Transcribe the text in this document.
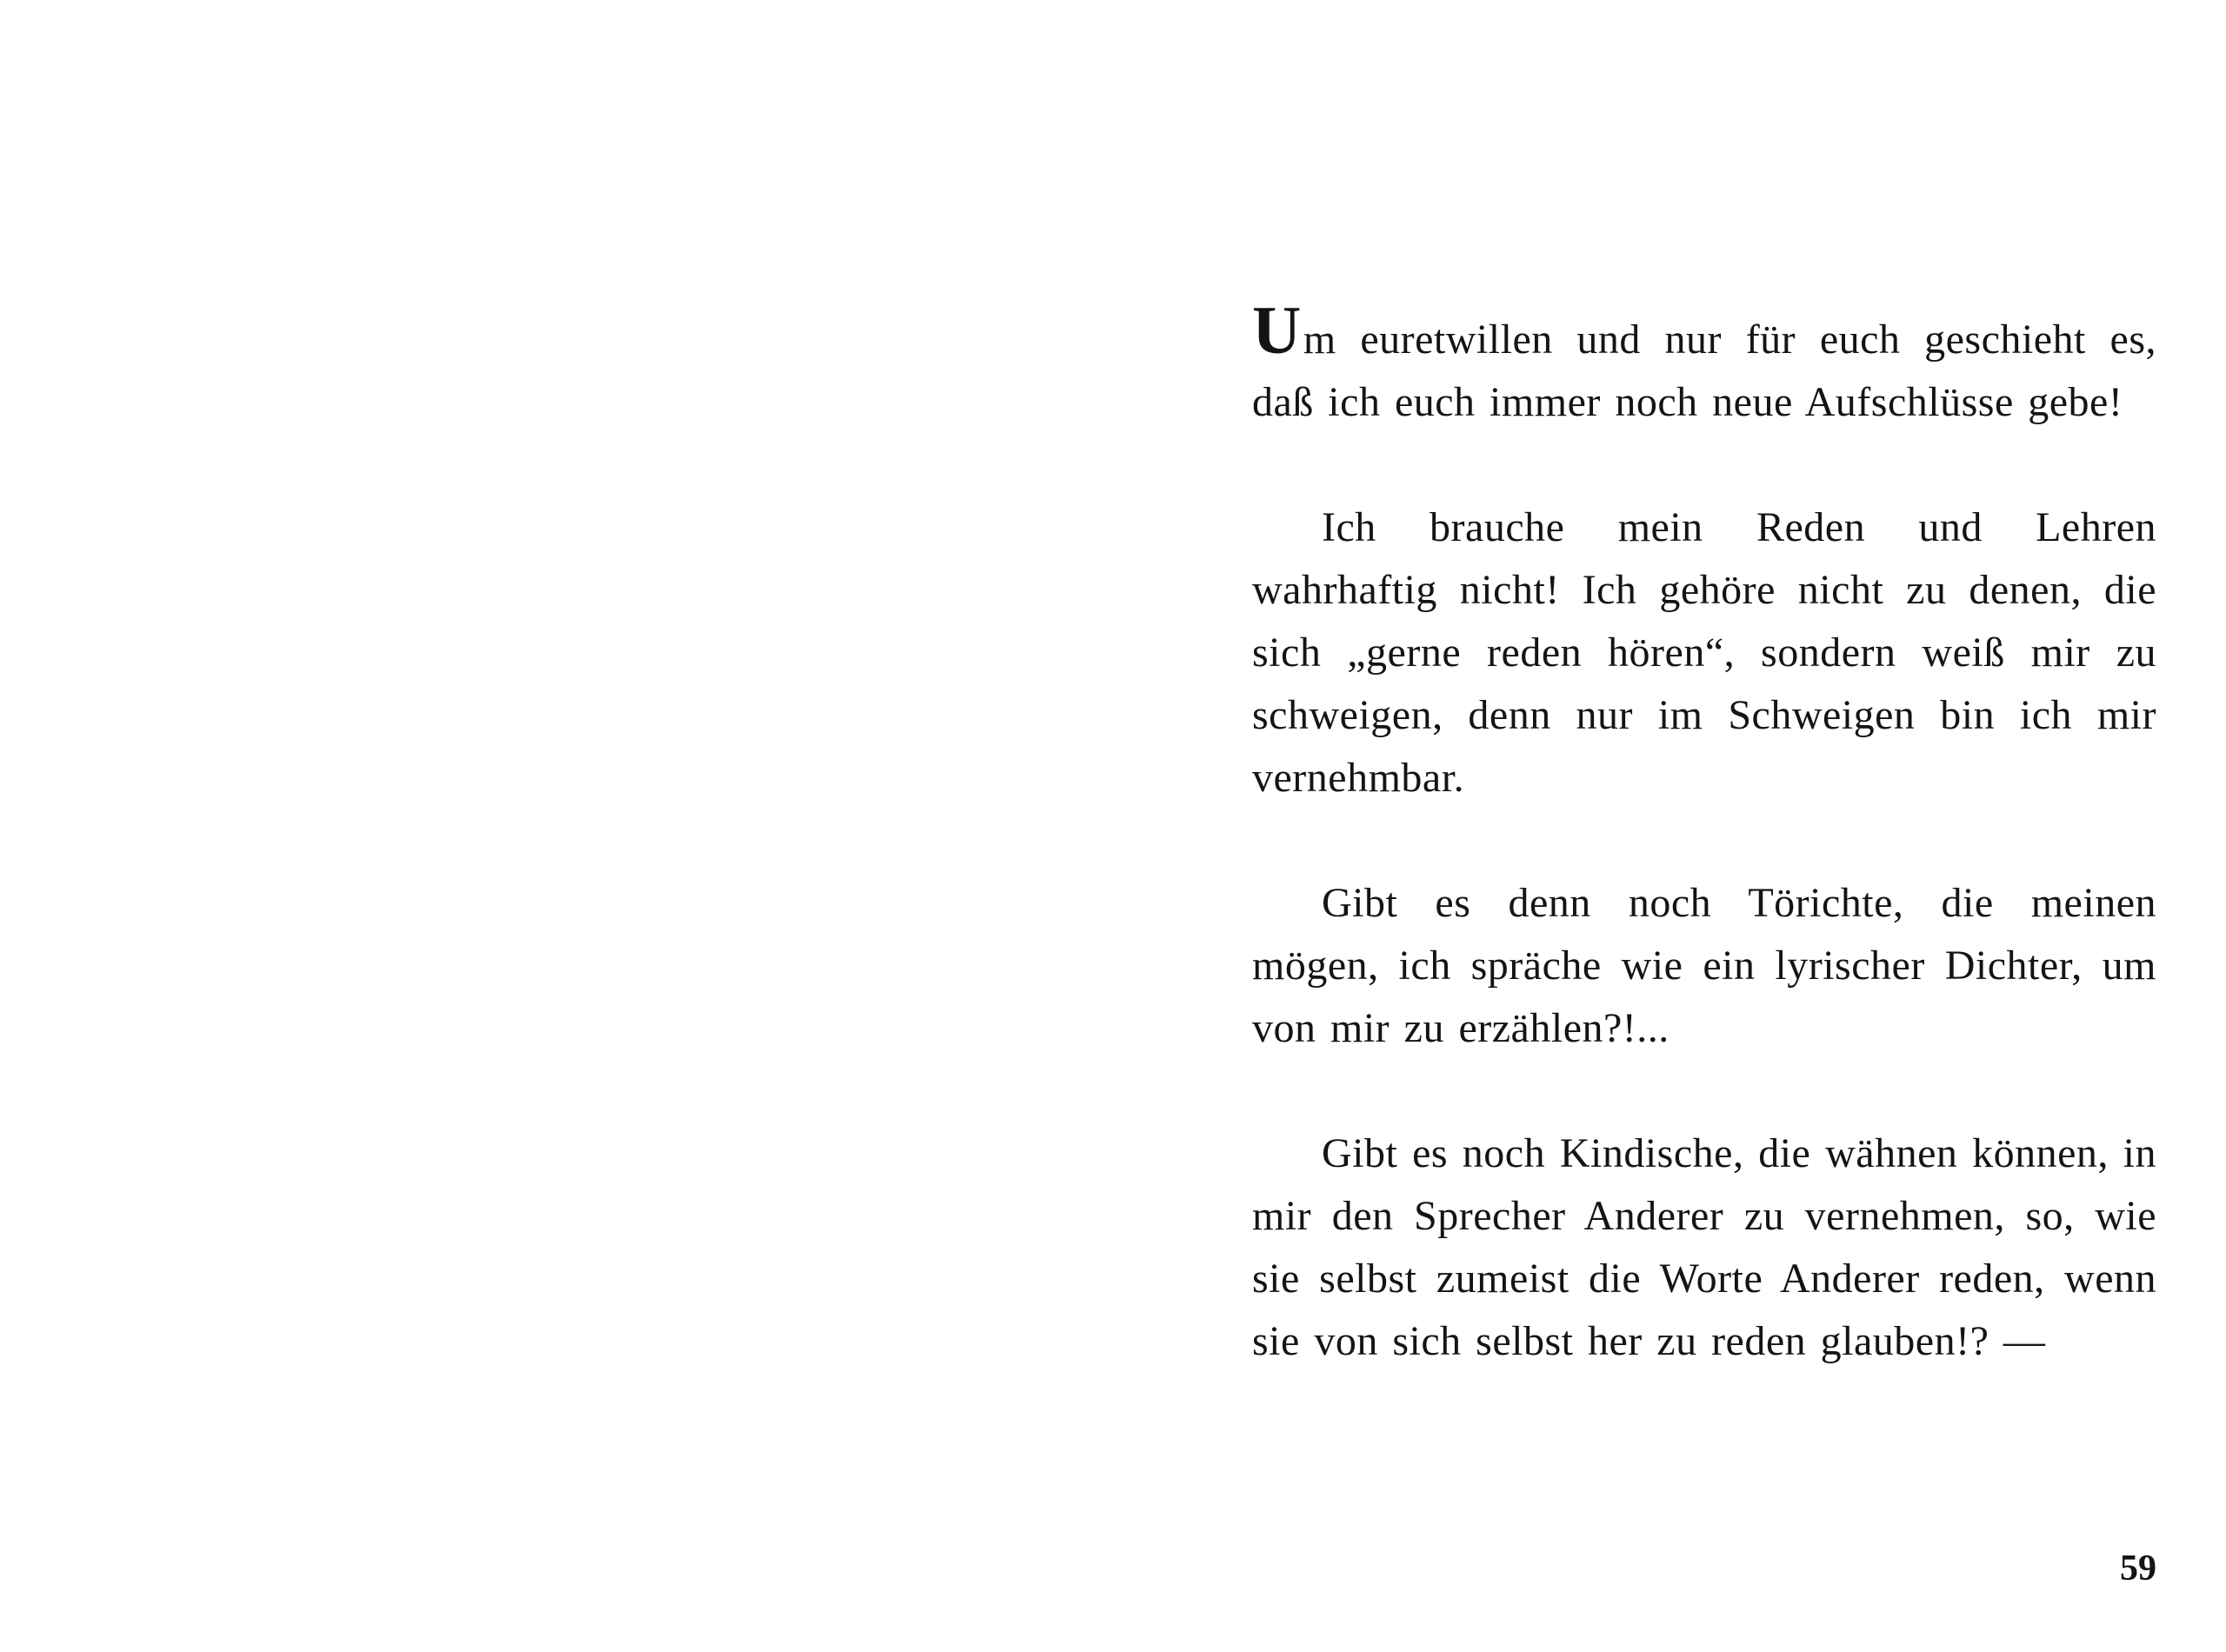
Um euretwillen und nur für euch geschieht es, daß ich euch immer noch neue Aufschlüsse gebe!

Ich brauche mein Reden und Lehren wahrhaftig nicht! Ich gehöre nicht zu denen, die sich „gerne reden hören“, sondern weiß mir zu schweigen, denn nur im Schweigen bin ich mir vernehmbar.

Gibt es denn noch Törichte, die meinen mögen, ich spräche wie ein lyrischer Dichter, um von mir zu erzählen?!...

Gibt es noch Kindische, die wähnen können, in mir den Sprecher Anderer zu vernehmen, so, wie sie selbst zumeist die Worte Anderer reden, wenn sie von sich selbst her zu reden glauben!? —

59
